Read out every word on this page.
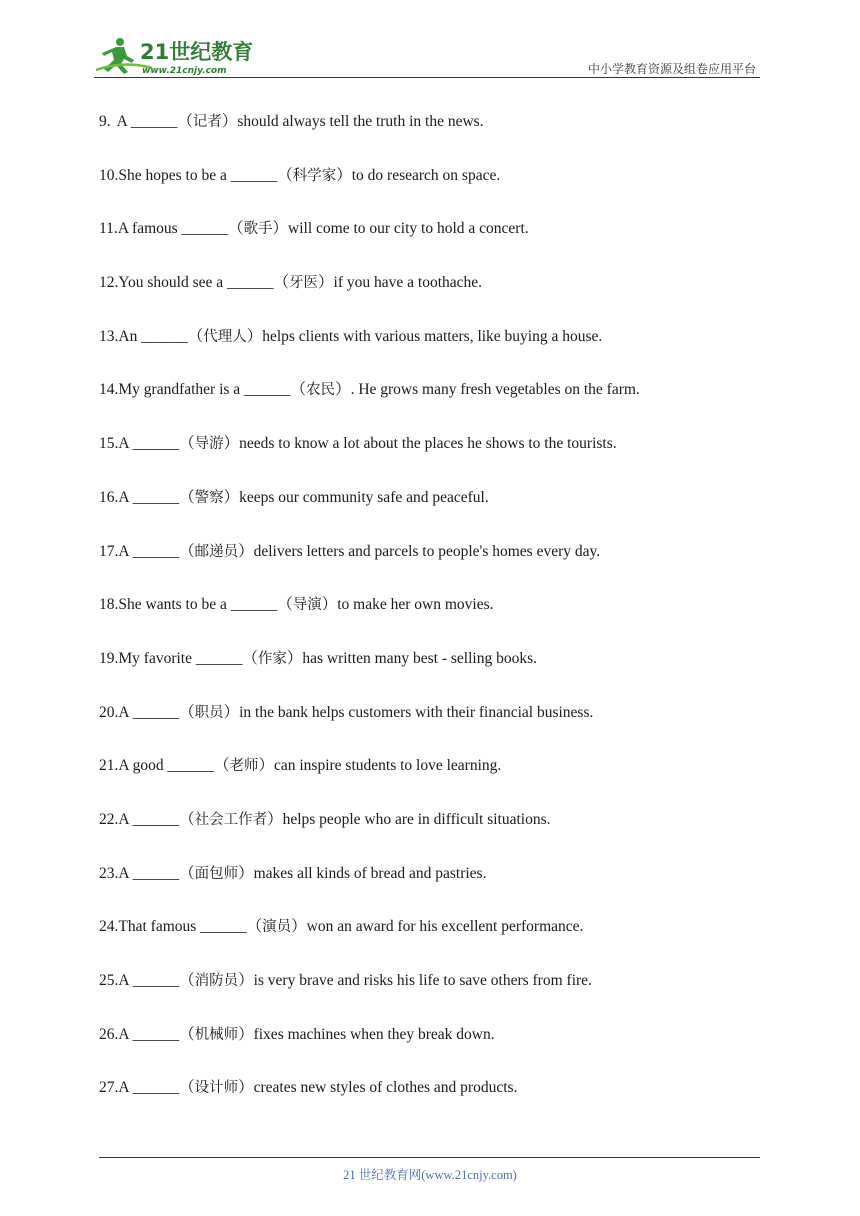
21世纪教育
www.21cnjy.com	中小学教育资源及组卷应用平台
9. A ______（记者）should always tell the truth in the news.
10.She hopes to be a ______（科学家）to do research on space.
11.A famous ______（歌手）will come to our city to hold a concert.
12.You should see a ______（牙医）if you have a toothache.
13.An ______（代理人）helps clients with various matters, like buying a house.
14.My grandfather is a ______（农民）. He grows many fresh vegetables on the farm.
15.A ______（导游）needs to know a lot about the places he shows to the tourists.
16.A ______（警察）keeps our community safe and peaceful.
17.A ______（邮递员）delivers letters and parcels to people's homes every day.
18.She wants to be a ______（导演）to make her own movies.
19.My favorite ______（作家）has written many best - selling books.
20.A ______（职员）in the bank helps customers with their financial business.
21.A good ______（老师）can inspire students to love learning.
22.A ______（社会工作者）helps people who are in difficult situations.
23.A ______（面包师）makes all kinds of bread and pastries.
24.That famous ______（演员）won an award for his excellent performance.
25.A ______（消防员）is very brave and risks his life to save others from fire.
26.A ______（机械师）fixes machines when they break down.
27.A ______（设计师）creates new styles of clothes and products.
21 世纪教育网(www.21cnjy.com)
